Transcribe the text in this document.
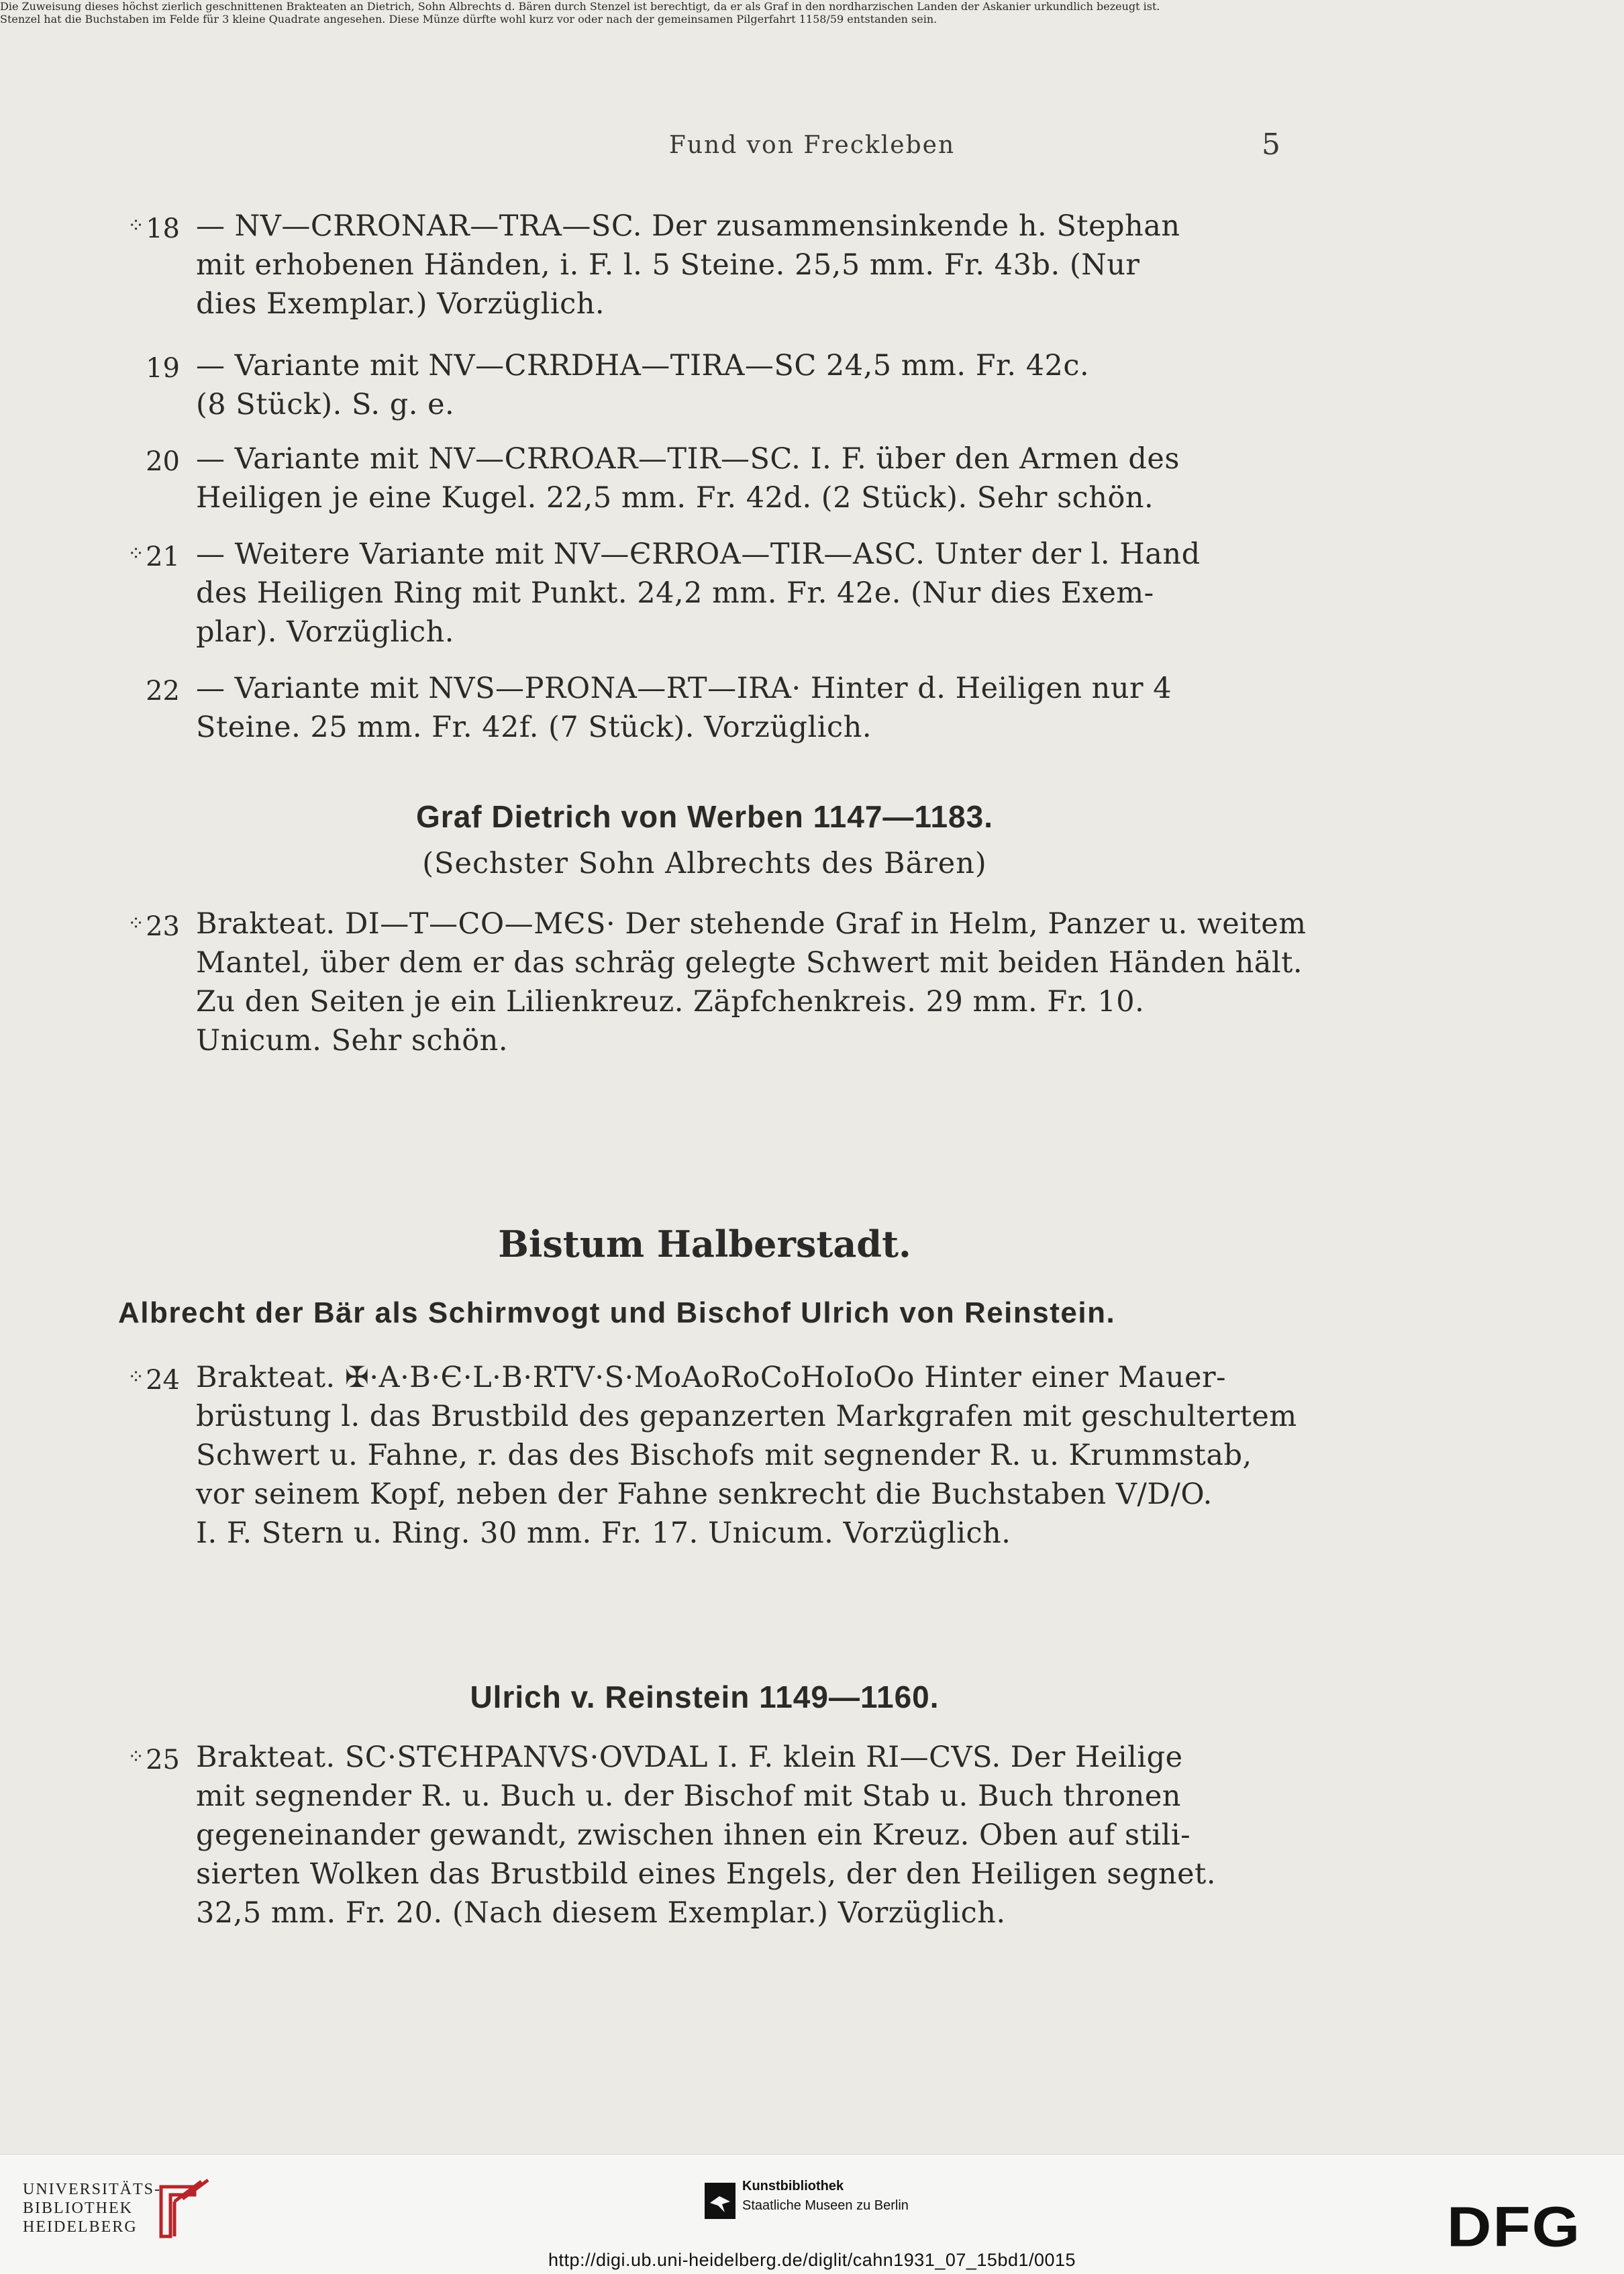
Fund von Freckleben	5
⁘18 — NV—CRRONAR—TRA—SC. Der zusammensinkende h. Stephan
mit erhobenen Händen, i. F. l. 5 Steine. 25,5 mm. Fr. 43b. (Nur
dies Exemplar.) Vorzüglich.
19 — Variante mit NV—CRRDHA—TIRA—SC 24,5 mm. Fr. 42c.
(8 Stück). S. g. e.
20 — Variante mit NV—CRROAR—TIR—SC. I. F. über den Armen des
Heiligen je eine Kugel. 22,5 mm. Fr. 42d. (2 Stück). Sehr schön.
⁘21 — Weitere Variante mit NV—ЄRROA—TIR—ASC. Unter der l. Hand
des Heiligen Ring mit Punkt. 24,2 mm. Fr. 42e. (Nur dies Exem-
plar). Vorzüglich.
22 — Variante mit NVS—PRONA—RT—IRA· Hinter d. Heiligen nur 4
Steine. 25 mm. Fr. 42f. (7 Stück). Vorzüglich.
Graf Dietrich von Werben 1147—1183.
(Sechster Sohn Albrechts des Bären)
⁘23 Brakteat. DI—T—CO—MЄS· Der stehende Graf in Helm, Panzer u. weitem
Mantel, über dem er das schräg gelegte Schwert mit beiden Händen hält.
Zu den Seiten je ein Lilienkreuz. Zäpfchenkreis. 29 mm. Fr. 10.
Unicum. Sehr schön.
Die Zuweisung dieses höchst zierlich geschnittenen Brakteaten an Dietrich, Sohn Albrechts d. Bären durch Stenzel ist berechtigt, da er als Graf in den nordharzischen Landen der Askanier urkundlich bezeugt ist.
Bistum Halberstadt.
Albrecht der Bär als Schirmvogt und Bischof Ulrich von Reinstein.
⁘24 Brakteat. ✠·A·B·Є·L·B·RTV·S·MoAoRoCoHoIoOo Hinter einer Mauer-
brüstung l. das Brustbild des gepanzerten Markgrafen mit geschultertem
Schwert u. Fahne, r. das des Bischofs mit segnender R. u. Krummstab,
vor seinem Kopf, neben der Fahne senkrecht die Buchstaben V/D/O.
I. F. Stern u. Ring. 30 mm. Fr. 17. Unicum. Vorzüglich.
Stenzel hat die Buchstaben im Felde für 3 kleine Quadrate angesehen. Diese Münze dürfte wohl kurz vor oder nach der gemeinsamen Pilgerfahrt 1158/59 entstanden sein.
Ulrich v. Reinstein 1149—1160.
⁘25 Brakteat. SC·STЄHPANVS·OVDAL I. F. klein RI—CVS. Der Heilige
mit segnender R. u. Buch u. der Bischof mit Stab u. Buch thronen
gegeneinander gewandt, zwischen ihnen ein Kreuz. Oben auf stili-
sierten Wolken das Brustbild eines Engels, der den Heiligen segnet.
32,5 mm. Fr. 20. (Nach diesem Exemplar.) Vorzüglich.
UNIVERSITÄTS-
BIBLIOTHEK
HEIDELBERG
Kunstbibliothek
Staatliche Museen zu Berlin	DFG
http://digi.ub.uni-heidelberg.de/diglit/cahn1931_07_15bd1/0015
